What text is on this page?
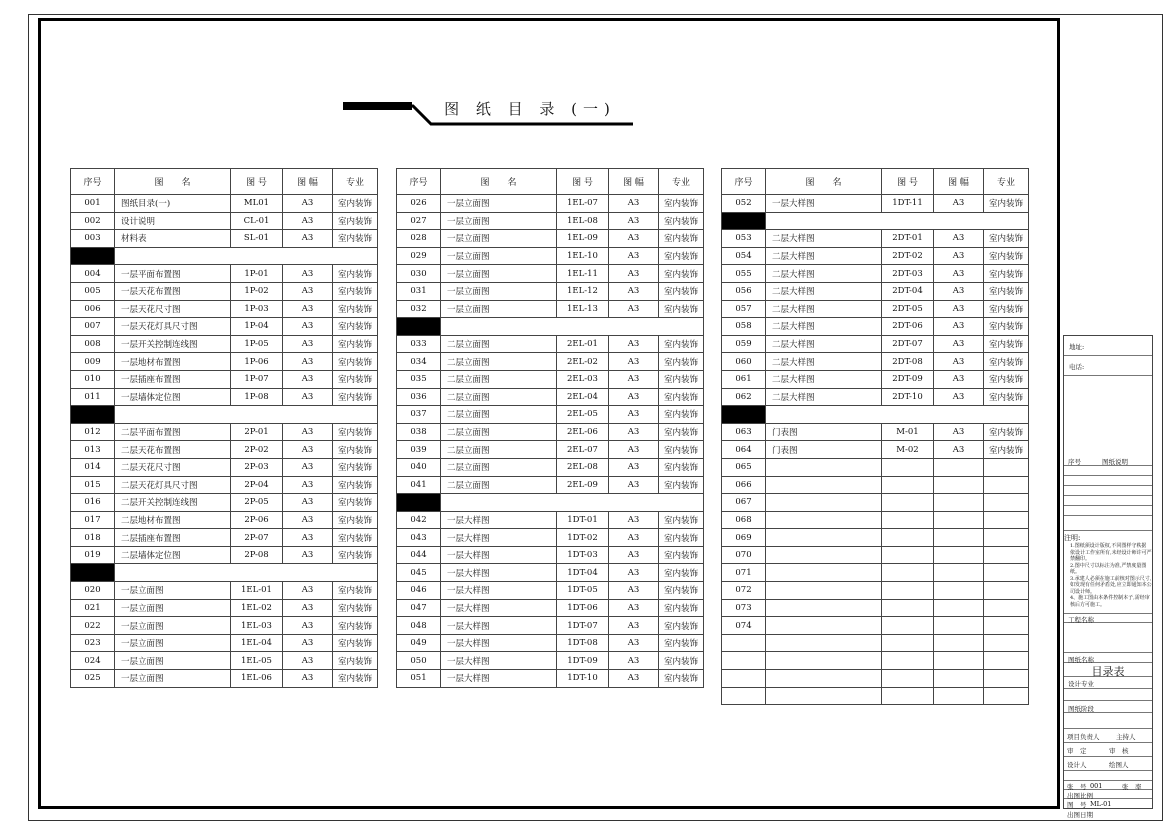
图 纸 目 录 (一)
序号	图　　名	图 号	图 幅	专业
001	图纸目录(一)	ML01	A3	室内装饰
002	设计说明	CL-01	A3	室内装饰
003	材料表	SL-01	A3	室内装饰

004	一层平面布置图	1P-01	A3	室内装饰
005	一层天花布置图	1P-02	A3	室内装饰
006	一层天花尺寸图	1P-03	A3	室内装饰
007	一层天花灯具尺寸图	1P-04	A3	室内装饰
008	一层开关控制连线图	1P-05	A3	室内装饰
009	一层地材布置图	1P-06	A3	室内装饰
010	一层插座布置图	1P-07	A3	室内装饰
011	一层墙体定位图	1P-08	A3	室内装饰

012	二层平面布置图	2P-01	A3	室内装饰
013	二层天花布置图	2P-02	A3	室内装饰
014	二层天花尺寸图	2P-03	A3	室内装饰
015	二层天花灯具尺寸图	2P-04	A3	室内装饰
016	二层开关控制连线图	2P-05	A3	室内装饰
017	二层地材布置图	2P-06	A3	室内装饰
018	二层插座布置图	2P-07	A3	室内装饰
019	二层墙体定位图	2P-08	A3	室内装饰

020	一层立面图	1EL-01	A3	室内装饰
021	一层立面图	1EL-02	A3	室内装饰
022	一层立面图	1EL-03	A3	室内装饰
023	一层立面图	1EL-04	A3	室内装饰
024	一层立面图	1EL-05	A3	室内装饰
025	一层立面图	1EL-06	A3	室内装饰
序号	图　　名	图 号	图 幅	专业
026	一层立面图	1EL-07	A3	室内装饰
027	一层立面图	1EL-08	A3	室内装饰
028	一层立面图	1EL-09	A3	室内装饰
029	一层立面图	1EL-10	A3	室内装饰
030	一层立面图	1EL-11	A3	室内装饰
031	一层立面图	1EL-12	A3	室内装饰
032	一层立面图	1EL-13	A3	室内装饰

033	二层立面图	2EL-01	A3	室内装饰
034	二层立面图	2EL-02	A3	室内装饰
035	二层立面图	2EL-03	A3	室内装饰
036	二层立面图	2EL-04	A3	室内装饰
037	二层立面图	2EL-05	A3	室内装饰
038	二层立面图	2EL-06	A3	室内装饰
039	二层立面图	2EL-07	A3	室内装饰
040	二层立面图	2EL-08	A3	室内装饰
041	二层立面图	2EL-09	A3	室内装饰

042	一层大样图	1DT-01	A3	室内装饰
043	一层大样图	1DT-02	A3	室内装饰
044	一层大样图	1DT-03	A3	室内装饰
045	一层大样图	1DT-04	A3	室内装饰
046	一层大样图	1DT-05	A3	室内装饰
047	一层大样图	1DT-06	A3	室内装饰
048	一层大样图	1DT-07	A3	室内装饰
049	一层大样图	1DT-08	A3	室内装饰
050	一层大样图	1DT-09	A3	室内装饰
051	一层大样图	1DT-10	A3	室内装饰
序号	图　　名	图 号	图 幅	专业
052	一层大样图	1DT-11	A3	室内装饰

053	二层大样图	2DT-01	A3	室内装饰
054	二层大样图	2DT-02	A3	室内装饰
055	二层大样图	2DT-03	A3	室内装饰
056	二层大样图	2DT-04	A3	室内装饰
057	二层大样图	2DT-05	A3	室内装饰
058	二层大样图	2DT-06	A3	室内装饰
059	二层大样图	2DT-07	A3	室内装饰
060	二层大样图	2DT-08	A3	室内装饰
061	二层大样图	2DT-09	A3	室内装饰
062	二层大样图	2DT-10	A3	室内装饰

063	门表图	M-01	A3	室内装饰
064	门表图	M-02	A3	室内装饰
065				
066				
067				
068				
069				
070				
071				
072				
073				
074				

地址:
电话:
序号	图纸说明
注明:
1.图纸须设计版权,不同图样守秩据
依设计工作室所有,未经设计师许可严禁翻印。
2.图中尺寸以标注为准,严禁度量图纸。
3.承建人必须在施工前核对图示尺寸,
如发现有任何矛盾处,应立即通知本公司设计师。
4、施工图由本条件控制本子,需经审核后方可施工。
工程名称
图纸名称
目录表
设计专业
图纸阶段
项目负责人	主持人
审　定	审　核
设计人	绘图人
张　号 001	张　率
出图比例
图　号 ML-01
出图日期
